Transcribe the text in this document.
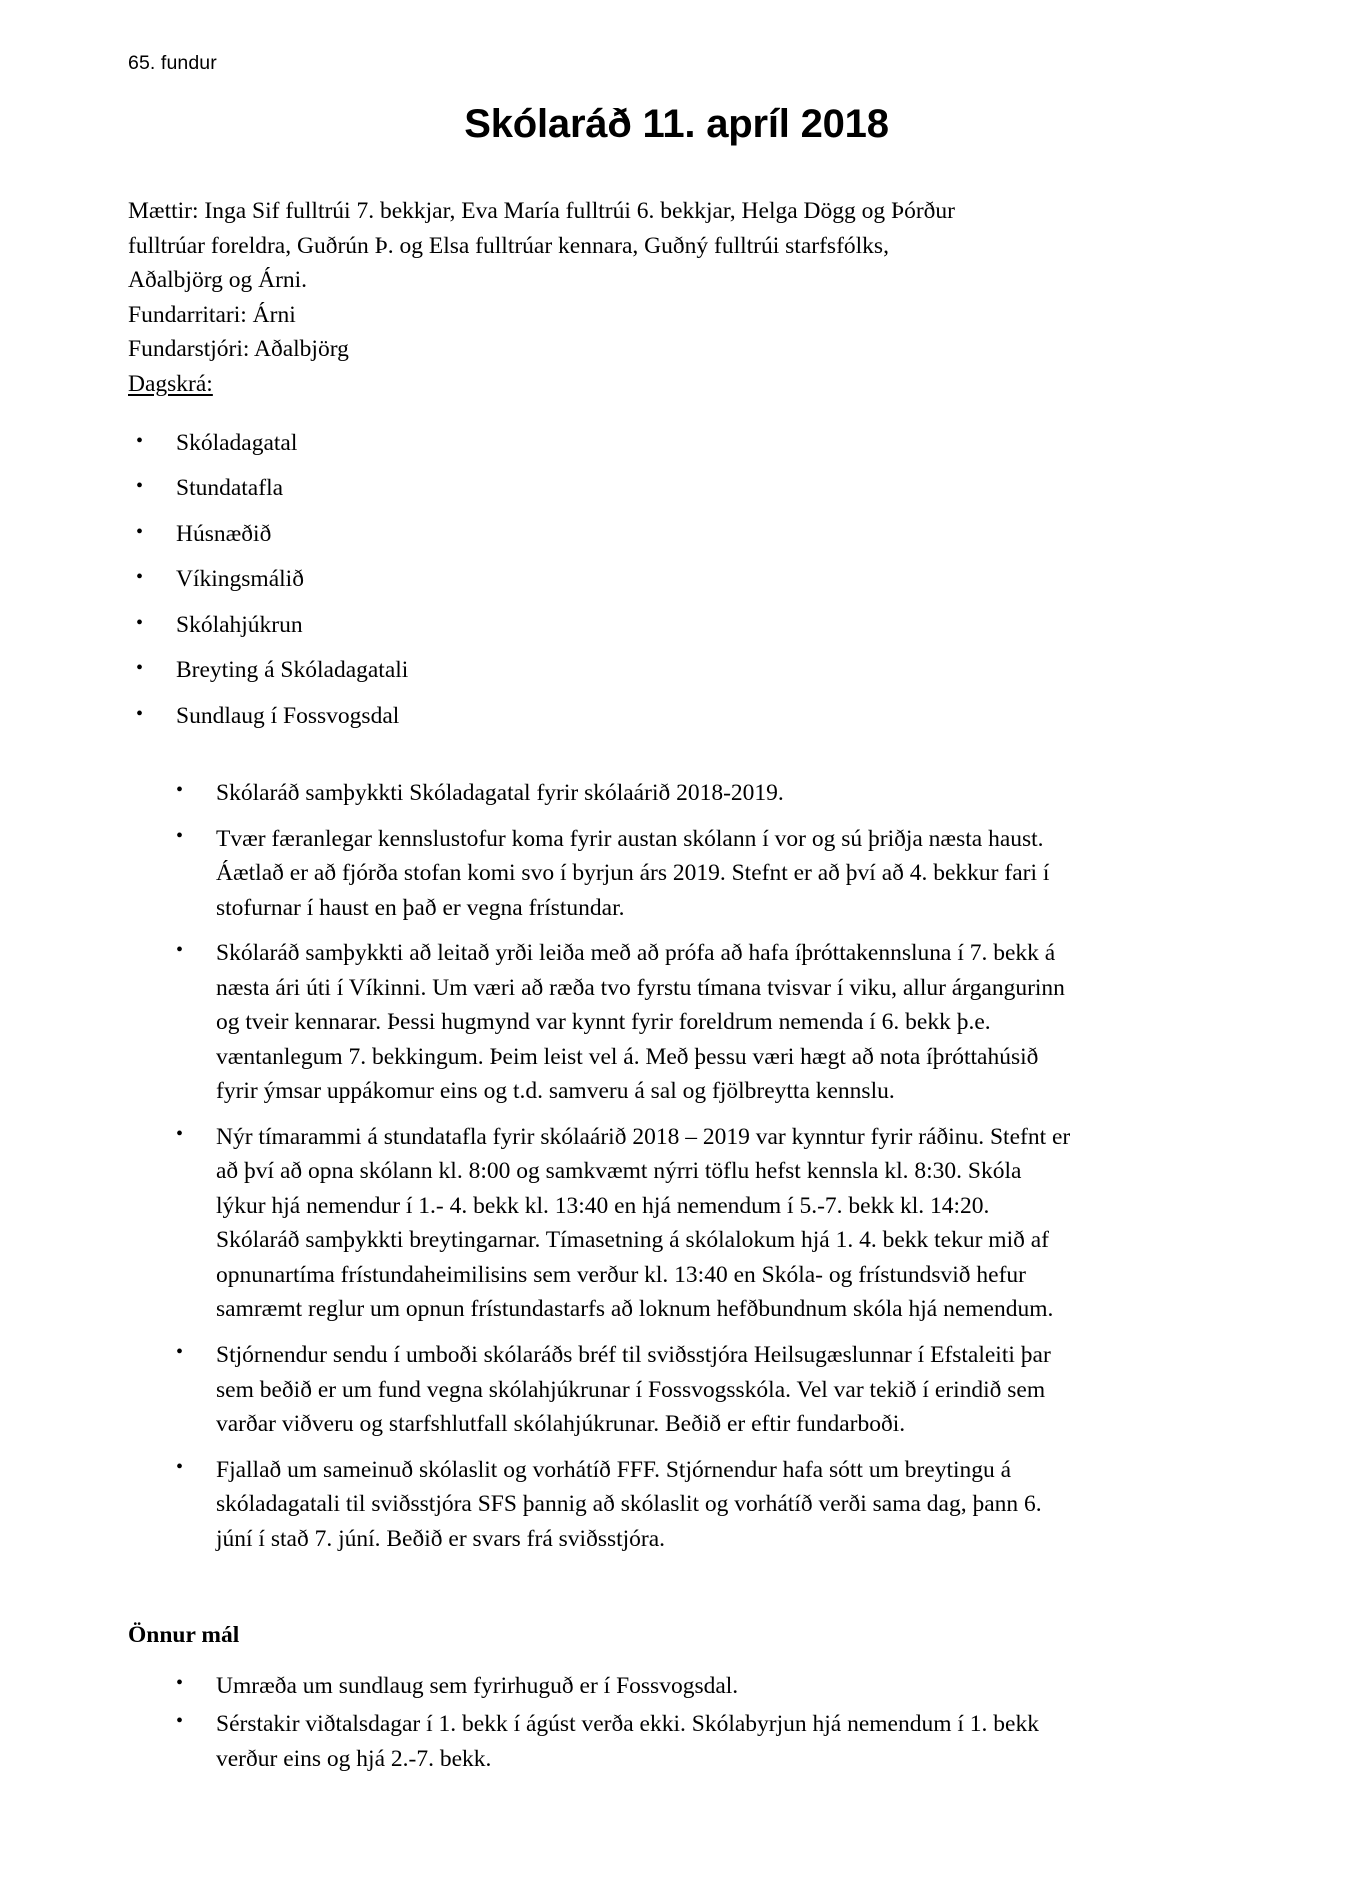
65. fundur

Skólaráð 11. apríl 2018

Mættir: Inga Sif fulltrúi 7. bekkjar, Eva María fulltrúi 6. bekkjar, Helga Dögg og Þórður fulltrúar foreldra, Guðrún Þ. og Elsa fulltrúar kennara, Guðný fulltrúi starfsfólks, Aðalbjörg og Árni.

Fundarritari: Árni
Fundarstjóri: Aðalbjörg
Dagskrá:
• Skóladagatal
• Stundatafla
• Húsnæðið
• Víkingsmálið
• Skólahjúkrun
• Breyting á Skóladagatali
• Sundlaug í Fossvogsdal
• Skólaráð samþykkti Skóladagatal fyrir skólaárið 2018-2019.
• Tvær færanlegar kennslustofur koma fyrir austan skólann í vor og sú þriðja næsta haust. Áætlað er að fjórða stofan komi svo í byrjun árs 2019. Stefnt er að því að 4. bekkur fari í stofurnar í haust en það er vegna frístundar.
• Skólaráð samþykkti að leitað yrði leiða með að prófa að hafa íþróttakennsluna í 7. bekk á næsta ári úti í Víkinni. Um væri að ræða tvo fyrstu tímana tvisvar í viku, allur árgangurinn og tveir kennarar. Þessi hugmynd var kynnt fyrir foreldrum nemenda í 6. bekk þ.e. væntanlegum 7. bekkingum. Þeim leist vel á. Með þessu væri hægt að nota íþróttahúsið fyrir ýmsar uppákomur eins og t.d. samveru á sal og fjölbreytta kennslu.
• Nýr tímarammi á stundatafla fyrir skólaárið 2018 – 2019 var kynntur fyrir ráðinu. Stefnt er að því að opna skólann kl. 8:00 og samkvæmt nýrri töflu hefst kennsla kl. 8:30. Skóla lýkur hjá nemendur í 1.- 4. bekk kl. 13:40 en hjá nemendum í 5.-7. bekk kl. 14:20. Skólaráð samþykkti breytingarnar. Tímasetning á skólalokum hjá 1. 4. bekk tekur mið af opnunartíma frístundaheimilisins sem verður kl. 13:40 en Skóla- og frístundsvið hefur samræmt reglur um opnun frístundastarfs að loknum hefðbundnum skóla hjá nemendum.
• Stjórnendur sendu í umboði skólaráðs bréf til sviðsstjóra Heilsugæslunnar í Efstaleiti þar sem beðið er um fund vegna skólahjúkrunar í Fossvogsskóla. Vel var tekið í erindið sem varðar viðveru og starfshlutfall skólahjúkrunar. Beðið er eftir fundarboði.
• Fjallað um sameinuð skólaslit og vorhátíð FFF. Stjórnendur hafa sótt um breytingu á skóladagatali til sviðsstjóra SFS þannig að skólaslit og vorhátíð verði sama dag, þann 6. júní í stað 7. júní. Beðið er svars frá sviðsstjóra.
Önnur mál
• Umræða um sundlaug sem fyrirhuguð er í Fossvogsdal.
• Sérstakir viðtalsdagar í 1. bekk í ágúst verða ekki. Skólabyrjun hjá nemendum í 1. bekk verður eins og hjá 2.-7. bekk.
